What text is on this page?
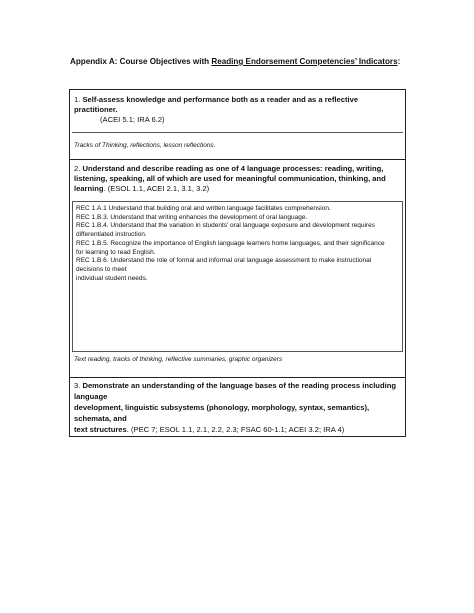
Appendix A: Course Objectives with Reading Endorsement Competencies’ Indicators:
1. Self-assess knowledge and performance both as a reader and as a reflective practitioner.
(ACEI 5.1; IRA 6.2)
Tracks of Thinking, reflections, lesson reflections.
2. Understand and describe reading as one of 4 language processes: reading, writing, listening, speaking, all of which are used for meaningful communication, thinking, and learning. (ESOL 1.1, ACEI 2.1, 3.1, 3.2)
REC 1.A.1 Understand that building oral and written language facilitates comprehension.
REC 1.B.3. Understand that writing enhances the development of oral language.
REC 1.B.4. Understand that the variation in students’ oral language exposure and development requires differentiated instruction.
REC 1.B.5. Recognize the importance of English language learners home languages, and their significance for learning to read English.
REC 1.B.6. Understand the role of formal and informal oral language assessment to make instructional decisions to meet
individual student needs.
Text reading, tracks of thinking, reflective summaries, graphic organizers
3. Demonstrate an understanding of the language bases of the reading process including language
development, linguistic subsystems (phonology, morphology, syntax, semantics), schemata, and
text structures. (PEC 7; ESOL 1.1, 2.1, 2.2, 2.3; FSAC 60-1.1; ACEI 3.2; IRA 4)
